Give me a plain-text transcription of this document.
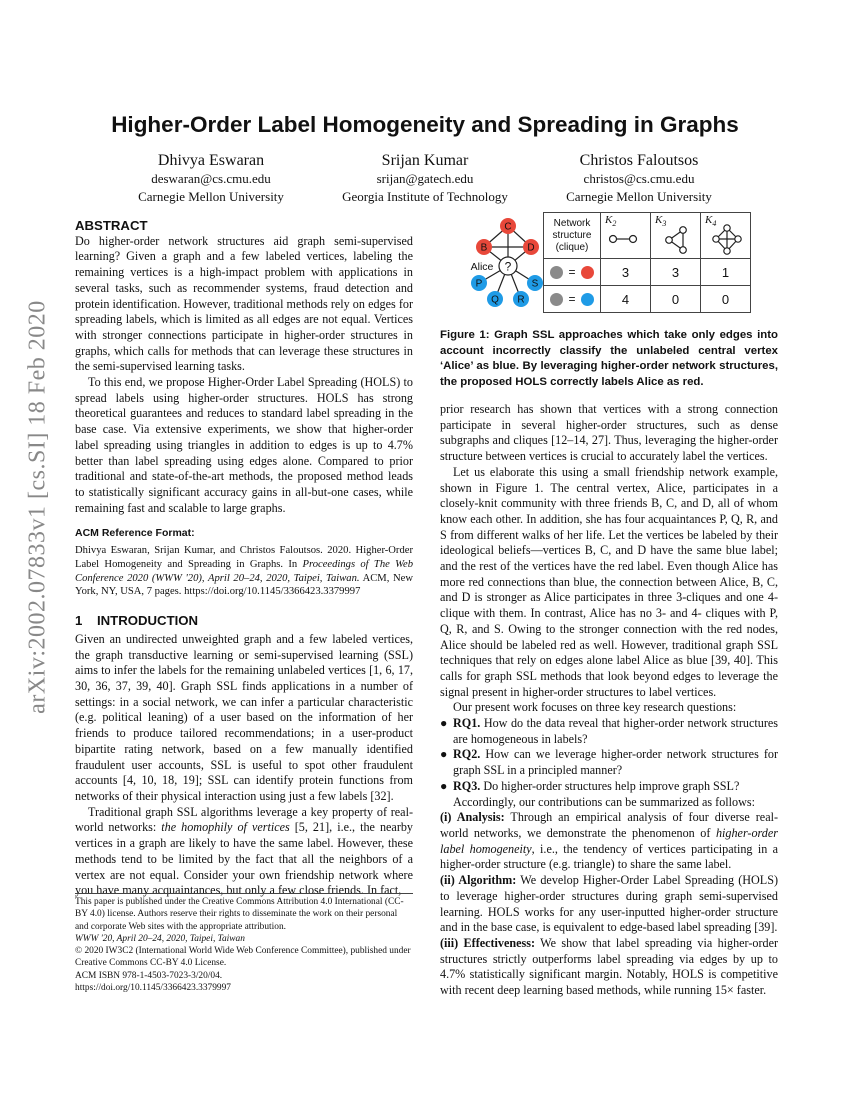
arXiv:2002.07833v1 [cs.SI] 18 Feb 2020
Higher-Order Label Homogeneity and Spreading in Graphs
Dhivya Eswaran
deswaran@cs.cmu.edu
Carnegie Mellon University
Srijan Kumar
srijan@gatech.edu
Georgia Institute of Technology
Christos Faloutsos
christos@cs.cmu.edu
Carnegie Mellon University
ABSTRACT

Do higher-order network structures aid graph semi-supervised learning? Given a graph and a few labeled vertices, labeling the remaining vertices is a high-impact problem with applications in several tasks, such as recommender systems, fraud detection and protein identification. However, traditional methods rely on edges for spreading labels, which is limited as all edges are not equal. Vertices with stronger connections participate in higher-order structures in graphs, which calls for methods that can leverage these structures in the semi-supervised learning tasks.

To this end, we propose Higher-Order Label Spreading (HOLS) to spread labels using higher-order structures. HOLS has strong theoretical guarantees and reduces to standard label spreading in the base case. Via extensive experiments, we show that higher-order label spreading using triangles in addition to edges is up to 4.7% better than label spreading using edges alone. Compared to prior traditional and state-of-the-art methods, the proposed method leads to statistically significant accuracy gains in all-but-one cases, while remaining fast and scalable to large graphs.

ACM Reference Format:
Dhivya Eswaran, Srijan Kumar, and Christos Faloutsos. 2020. Higher-Order Label Homogeneity and Spreading in Graphs. In Proceedings of The Web Conference 2020 (WWW '20), April 20–24, 2020, Taipei, Taiwan. ACM, New York, NY, USA, 7 pages. https://doi.org/10.1145/3366423.3379997
1    INTRODUCTION

Given an undirected unweighted graph and a few labeled vertices, the graph transductive learning or semi-supervised learning (SSL) aims to infer the labels for the remaining unlabeled vertices [1, 6, 17, 30, 36, 37, 39, 40]. Graph SSL finds applications in a number of settings: in a social network, we can infer a particular characteristic (e.g. political leaning) of a user based on the information of her friends to produce tailored recommendations; in a user-product bipartite rating network, based on a few manually identified fraudulent user accounts, SSL is useful to spot other fraudulent accounts [4, 10, 18, 19]; SSL can identify protein functions from networks of their physical interaction using just a few labels [32].

Traditional graph SSL algorithms leverage a key property of real-world networks: the homophily of vertices [5, 21], i.e., the nearby vertices in a graph are likely to have the same label. However, these methods tend to be limited by the fact that all the neighbors of a vertex are not equal. Consider your own friendship network where you have many acquaintances, but only a few close friends. In fact,

This paper is published under the Creative Commons Attribution 4.0 International (CC-BY 4.0) license. Authors reserve their rights to disseminate the work on their personal and corporate Web sites with the appropriate attribution.
WWW '20, April 20–24, 2020, Taipei, Taiwan
© 2020 IW3C2 (International World Wide Web Conference Committee), published under Creative Commons CC-BY 4.0 License.
ACM ISBN 978-1-4503-7023-3/20/04.
https://doi.org/10.1145/3366423.3379997
C
B	D
P	S
Q R
?
Alice
Network structure (clique)	$K_2$	$K_3$	$K_4$

=	3	3	1
=	4	0	0
Figure 1: Graph SSL approaches which take only edges into account incorrectly classify the unlabeled central vertex ‘Alice’ as blue. By leveraging higher-order network structures, the proposed HOLS correctly labels Alice as red.

prior research has shown that vertices with a strong connection participate in several higher-order structures, such as dense subgraphs and cliques [12–14, 27]. Thus, leveraging the higher-order structure between vertices is crucial to accurately label the vertices.

Let us elaborate this using a small friendship network example, shown in Figure 1. The central vertex, Alice, participates in a closely-knit community with three friends B, C, and D, all of whom know each other. In addition, she has four acquaintances P, Q, R, and S from different walks of her life. Let the vertices be labeled by their ideological beliefs—vertices B, C, and D have the same blue label; and the rest of the vertices have the red label. Even though Alice has more red connections than blue, the connection between Alice, B, C, and D is stronger as Alice participates in three 3-cliques and one 4-clique with them. In contrast, Alice has no 3- and 4- cliques with P, Q, R, and S. Owing to the stronger connection with the red nodes, Alice should be labeled red as well. However, traditional graph SSL techniques that rely on edges alone label Alice as blue [39, 40]. This calls for graph SSL methods that look beyond edges to leverage the signal present in higher-order structures to label vertices.

Our present work focuses on three key research questions:

● RQ1. How do the data reveal that higher-order network structures are homogeneous in labels?
● RQ2. How can we leverage higher-order network structures for graph SSL in a principled manner?
● RQ3. Do higher-order structures help improve graph SSL?

Accordingly, our contributions can be summarized as follows:

(i) Analysis: Through an empirical analysis of four diverse real-world networks, we demonstrate the phenomenon of higher-order label homogeneity, i.e., the tendency of vertices participating in a higher-order structure (e.g. triangle) to share the same label.

(ii) Algorithm: We develop Higher-Order Label Spreading (HOLS) to leverage higher-order structures during graph semi-supervised learning. HOLS works for any user-inputted higher-order structure and in the base case, is equivalent to edge-based label spreading [39].

(iii) Effectiveness: We show that label spreading via higher-order structures strictly outperforms label spreading via edges by up to 4.7% statistically significant margin. Notably, HOLS is competitive with recent deep learning based methods, while running 15× faster.
